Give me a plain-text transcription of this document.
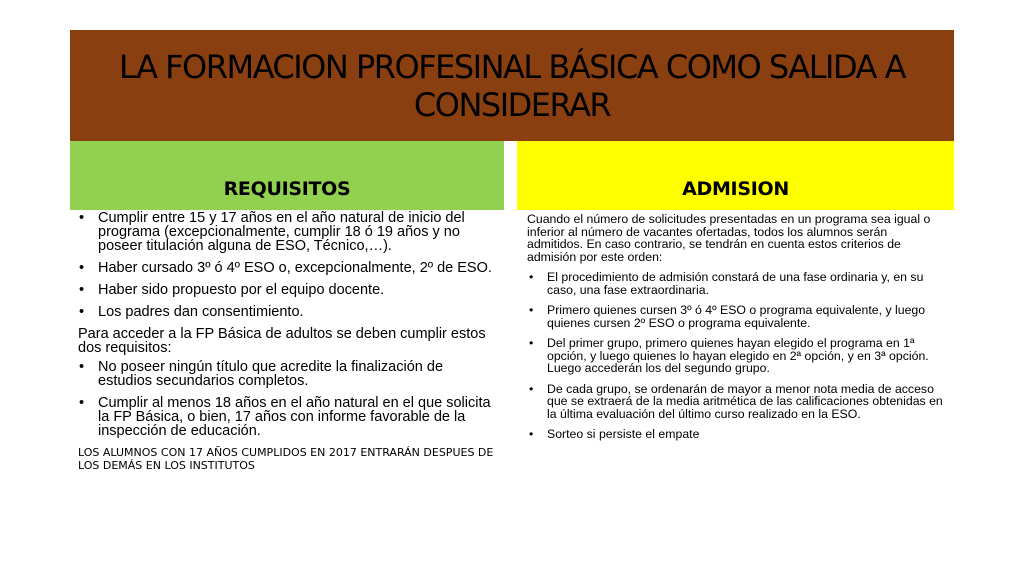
LA FORMACION PROFESINAL BÁSICA COMO SALIDA A CONSIDERAR
REQUISITOS	ADMISION
• Cumplir entre 15 y 17 años en el año natural de inicio del programa (excepcionalmente, cumplir 18 ó 19 años y no poseer titulación alguna de ESO, Técnico,…).
• Haber cursado 3º ó 4º ESO o, excepcionalmente, 2º de ESO.
• Haber sido propuesto por el equipo docente.
• Los padres dan consentimiento.

Para acceder a la FP Básica de adultos se deben cumplir estos dos requisitos:

• No poseer ningún título que acredite la finalización de estudios secundarios completos.
• Cumplir al menos 18 años en el año natural en el que solicita la FP Básica, o bien, 17 años con informe favorable de la inspección de educación.

LOS ALUMNOS CON 17 AÑOS CUMPLIDOS EN 2017 ENTRARÁN DESPUES DE LOS DEMÁS EN LOS INSTITUTOS

Cuando el número de solicitudes presentadas en un programa sea igual o inferior al número de vacantes ofertadas, todos los alumnos serán admitidos. En caso contrario, se tendrán en cuenta estos criterios de admisión por este orden:

• El procedimiento de admisión constará de una fase ordinaria y, en su caso, una fase extraordinaria.
• Primero quienes cursen 3º ó 4º ESO o programa equivalente, y luego quienes cursen 2º ESO o programa equivalente.
• Del primer grupo, primero quienes hayan elegido el programa en 1ª opción, y luego quienes lo hayan elegido en 2ª opción, y en 3ª opción. Luego accederán los del segundo grupo.
• De cada grupo, se ordenarán de mayor a menor nota media de acceso que se extraerá de la media aritmética de las calificaciones obtenidas en la última evaluación del último curso realizado en la ESO.
• Sorteo si persiste el empate
